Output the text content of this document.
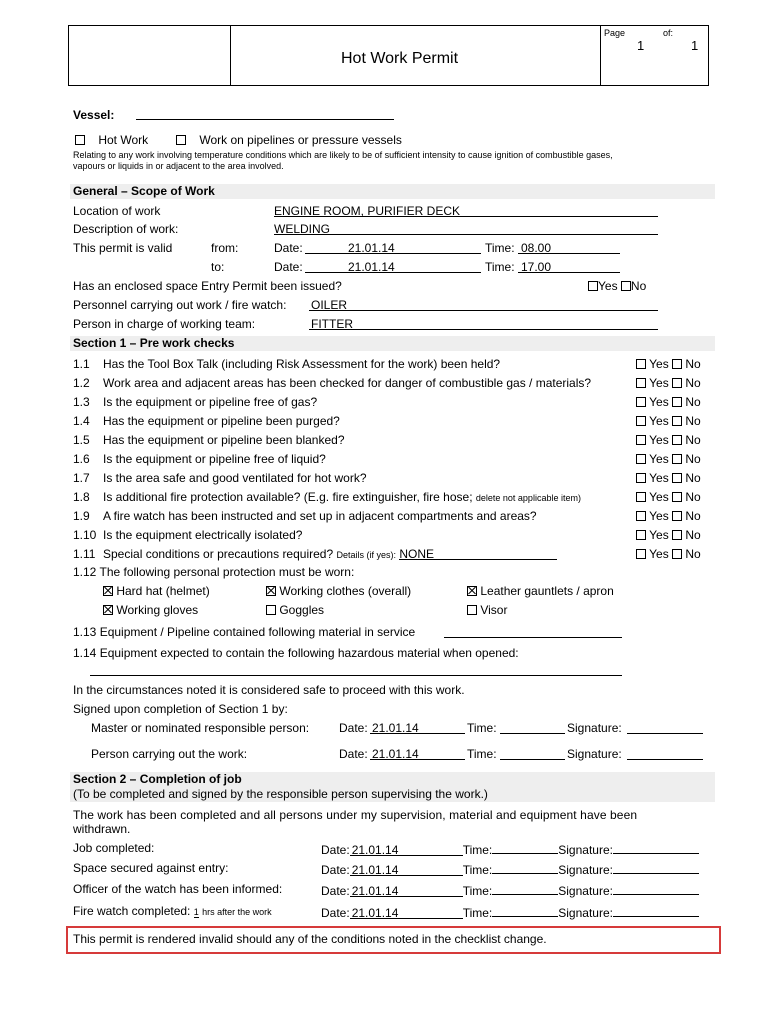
Hot Work Permit
Page	of:
1	1
Vessel:
Hot Work	Work on pipelines or pressure vessels
Relating to any work involving temperature conditions which are likely to be of sufficient intensity to cause ignition of combustible gases,
vapours or liquids in or adjacent to the area involved.
General – Scope of Work
Location of work	ENGINE ROOM, PURIFIER DECK
Description of work:	WELDING
This permit is valid	from:	Date:	21.01.14	Time: 08.00
to:	Date:	21.01.14	Time: 17.00
Has an enclosed space Entry Permit been issued?	Yes No
Personnel carrying out work / fire watch: OILER
Person in charge of working team:	FITTER
Section 1 – Pre work checks
1.1 Has the Tool Box Talk (including Risk Assessment for the work) been held?	Yes No
1.2 Work area and adjacent areas has been checked for danger of combustible gas / materials?	Yes No
1.3 Is the equipment or pipeline free of gas?	Yes No
1.4 Has the equipment or pipeline been purged?	Yes No
1.5 Has the equipment or pipeline been blanked?	Yes No
1.6 Is the equipment or pipeline free of liquid?	Yes No
1.7 Is the area safe and good ventilated for hot work?	Yes No
1.8 Is additional fire protection available? (E.g. fire extinguisher, fire hose; delete not applicable item)	Yes No
1.9 A fire watch has been instructed and set up in adjacent compartments and areas?	Yes No
1.10 Is the equipment electrically isolated?	Yes No
1.11 Special conditions or precautions required? Details (if yes): NONE	Yes No
1.12 The following personal protection must be worn:
Hard hat (helmet)	Working clothes (overall)	Leather gauntlets / apron
Working gloves	Goggles	Visor
1.13 Equipment / Pipeline contained following material in service
1.14 Equipment expected to contain the following hazardous material when opened:
In the circumstances noted it is considered safe to proceed with this work.
Signed upon completion of Section 1 by:
Master or nominated responsible person: Date: 21.01.14	Time:	Signature:
Person carrying out the work:	Date: 21.01.14	Time:	Signature:
Section 2 – Completion of job
(To be completed and signed by the responsible person supervising the work.)
The work has been completed and all persons under my supervision, material and equipment have been
withdrawn.
Job completed:	Date: 21.01.14	Time:	Signature:
Space secured against entry:	Date: 21.01.14	Time:	Signature:
Officer of the watch has been informed:	Date: 21.01.14	Time:	Signature:
Fire watch completed: 1 hrs after the work	Date: 21.01.14	Time:	Signature:
This permit is rendered invalid should any of the conditions noted in the checklist change.
